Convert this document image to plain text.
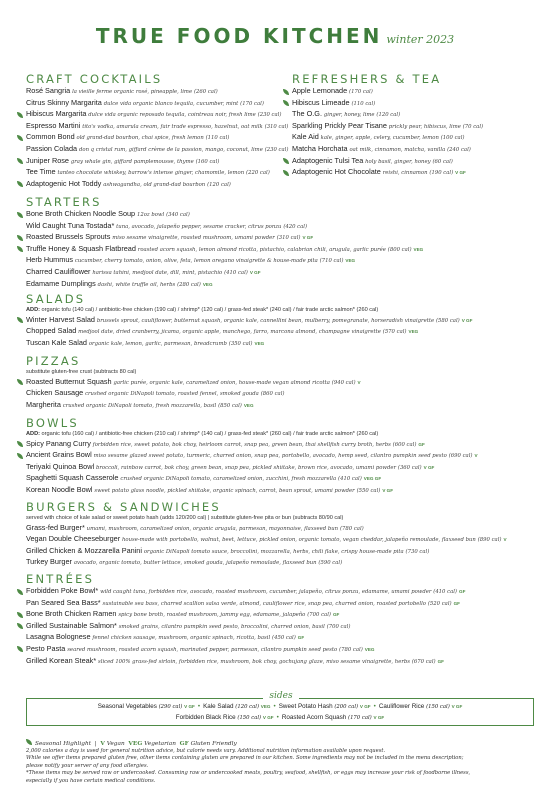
TRUE FOOD KITCHEN winter 2023
CRAFT COCKTAILS
Rosé Sangria la vieille ferme organic rosé, pineapple, lime (260 cal)
Citrus Skinny Margarita dulce vida organic blanco tequila, cucumber, mint (170 cal)
Hibiscus Margarita dulce vida organic reposado tequila, cointreau noir, fresh lime (230 cal)
Espresso Martini tito's vodka, amarula cream, fair trade espresso, hazelnut, oat milk (310 cal)
Common Bond old grand-dad bourbon, chai spice, fresh lemon (110 cal)
Passion Colada don q cristal rum, giffard crème de la passion, mango, coconut, lime (230 cal)
Juniper Rose gray whale gin, giffard pamplemousse, thyme (160 cal)
Tee Time tanteo chocolate whiskey, barrow's intense ginger, chamomile, lemon (220 cal)
Adaptogenic Hot Toddy ashwagandha, old grand-dad bourbon (120 cal)
REFRESHERS & TEA
Apple Lemonade (170 cal)
Hibiscus Limeade (110 cal)
The O.G. ginger, honey, lime (120 cal)
Sparkling Prickly Pear Tisane prickly pear, hibiscus, lime (70 cal)
Kale Aid kale, ginger, apple, celery, cucumber, lemon (100 cal)
Matcha Horchata oat milk, cinnamon, matcha, vanilla (240 cal)
Adaptogenic Tulsi Tea holy basil, ginger, honey (60 cal)
Adaptogenic Hot Chocolate reishi, cinnamon (190 cal) V GF
STARTERS
Bone Broth Chicken Noodle Soup 12oz bowl (340 cal)
Wild Caught Tuna Tostada* tuna, avocado, jalapeño pepper, sesame cracker, citrus ponzu (420 cal)
Roasted Brussels Sprouts miso sesame vinaigrette, roasted mushroom, umami powder (310 cal) V GF
Truffle Honey & Squash Flatbread roasted acorn squash, lemon almond ricotta, pistachio, calabrian chili, arugula, garlic purée (800 cal) VEG
Herb Hummus cucumber, cherry tomato, onion, olive, feta, lemon oregano vinaigrette & house-made pita (710 cal) VEG
Charred Cauliflower harissa tahini, medjool date, dill, mint, pistachio (410 cal) V GF
Edamame Dumplings dashi, white truffle oil, herbs (280 cal) VEG
SALADS
ADD: organic tofu (140 cal) / antibiotic-free chicken (190 cal) / shrimp* (120 cal) / grass-fed steak* (240 cal) / fair trade arctic salmon* (260 cal)
Winter Harvest Salad brussels sprout, cauliflower, butternut squash, organic kale, cannellini bean, mulberry, pomegranate, horseradish vinaigrette (580 cal) V GF
Chopped Salad medjool date, dried cranberry, jicama, organic apple, manchego, farro, marcona almond, champagne vinaigrette (570 cal) VEG
Tuscan Kale Salad organic kale, lemon, garlic, parmesan, breadcrumb (350 cal) VEG
PIZZAS
substitute gluten-free crust (subtracts 80 cal)
Roasted Butternut Squash garlic purée, organic kale, caramelized onion, house-made vegan almond ricotta (940 cal) V
Chicken Sausage crushed organic DiNapoli tomato, roasted fennel, smoked gouda (860 cal)
Margherita crushed organic DiNapoli tomato, fresh mozzarella, basil (850 cal) VEG
BOWLS
ADD: organic tofu (160 cal) / antibiotic-free chicken (210 cal) / shrimp* (140 cal) / grass-fed steak* (260 cal) / fair trade arctic salmon* (260 cal)
Spicy Panang Curry forbidden rice, sweet potato, bok choy, heirloom carrot, snap pea, green bean, thai shellfish curry broth, herbs (600 cal) GF
Ancient Grains Bowl miso sesame glazed sweet potato, turmeric, charred onion, snap pea, portobello, avocado, hemp seed, cilantro pumpkin seed pesto (690 cal) V
Teriyaki Quinoa Bowl broccoli, rainbow carrot, bok choy, green bean, snap pea, pickled shiitake, brown rice, avocado, umami powder (360 cal) V GF
Spaghetti Squash Casserole crushed organic DiNapoli tomato, caramelized onion, zucchini, fresh mozzarella (410 cal) VEG GF
Korean Noodle Bowl sweet potato glass noodle, pickled shiitake, organic spinach, carrot, bean sprout, umami powder (550 cal) V GF
BURGERS & SANDWICHES
served with choice of kale salad or sweet potato hash (adds 120/200 cal) | substitute gluten-free pita or bun (subtracts 80/90 cal)
Grass-fed Burger* umami, mushroom, caramelized onion, organic arugula, parmesan, mayonnaise, flaxseed bun (780 cal)
Vegan Double Cheeseburger house-made with portobello, walnut, beet, lettuce, pickled onion, organic tomato, vegan cheddar, jalapeño remoulade, flaxseed bun (890 cal) V
Grilled Chicken & Mozzarella Panini organic DiNapoli tomato sauce, broccolini, mozzarella, herbs, chili flake, crispy house-made pita (730 cal)
Turkey Burger avocado, organic tomato, butter lettuce, smoked gouda, jalapeño remoulade, flaxseed bun (590 cal)
ENTRÉES
Forbidden Poke Bowl* wild caught tuna, forbidden rice, avocado, roasted mushroom, cucumber, jalapeño, citrus ponzu, edamame, umami powder (410 cal) GF
Pan Seared Sea Bass* sustainable sea bass, charred scallion salsa verde, almond, cauliflower rice, snap pea, charred onion, roasted portobello (520 cal) GF
Bone Broth Chicken Ramen spicy bone broth, roasted mushroom, jammy egg, edamame, jalapeño (700 cal) GF
Grilled Sustainable Salmon* smoked grains, cilantro pumpkin seed pesto, broccolini, charred onion, basil (700 cal)
Lasagna Bolognese fennel chicken sausage, mushroom, organic spinach, ricotta, basil (450 cal) GF
Pesto Pasta seared mushroom, roasted acorn squash, marinated pepper, parmesan, cilantro pumpkin seed pesto (780 cal) VEG
Grilled Korean Steak* sliced 100% grass-fed sirloin, forbidden rice, mushroom, bok choy, gochujang glaze, miso sesame vinaigrette, herbs (670 cal) GF
sides
Seasonal Vegetables (290 cal) V GF • Kale Salad (120 cal) VEG • Sweet Potato Hash (200 cal) V GF • Cauliflower Rice (150 cal) V GF
Forbidden Black Rice (150 cal) V GF • Roasted Acorn Squash (170 cal) V GF
Seasonal Highlight  |  V Vegan VEG Vegetarian GF Gluten Friendly
2,000 calories a day is used for general nutrition advice, but calorie needs vary. Additional nutrition information available upon request.
While we offer items prepared gluten free, other items containing gluten are prepared in our kitchen. Some ingredients may not be included in the menu description;
please notify your server of any food allergies.
*These items may be served raw or undercooked. Consuming raw or undercooked meats, poultry, seafood, shellfish, or eggs may increase your risk of foodborne illness,
especially if you have certain medical conditions.
